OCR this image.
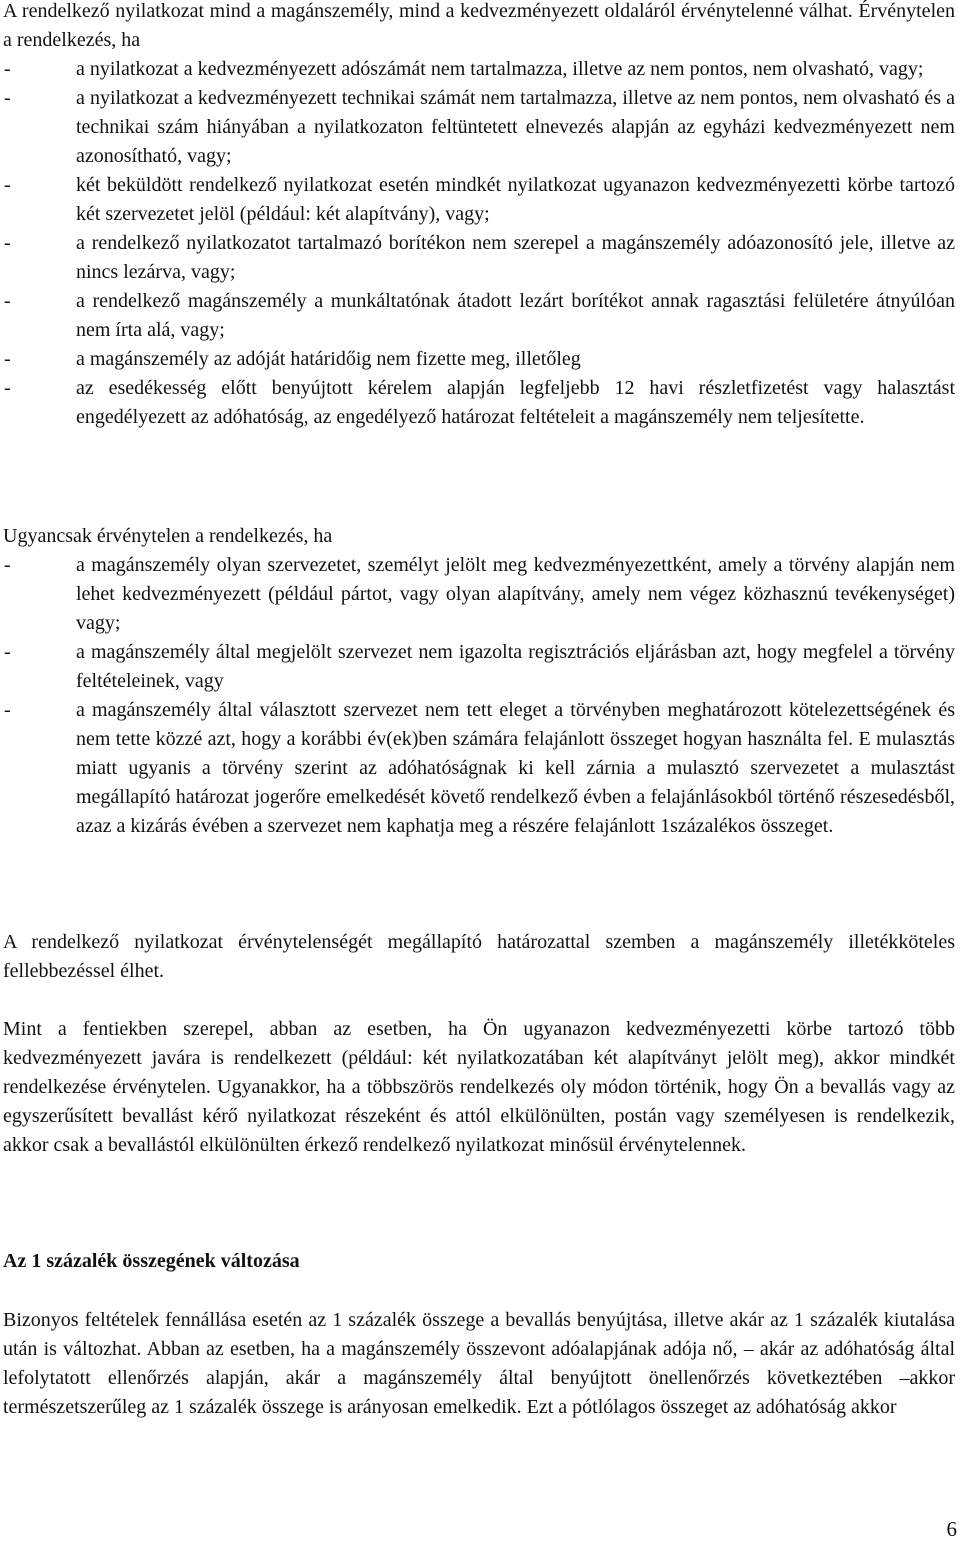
A rendelkező nyilatkozat mind a magánszemély, mind a kedvezményezett oldaláról érvénytelenné válhat. Érvénytelen a rendelkezés, ha

-	a nyilatkozat a kedvezményezett adószámát nem tartalmazza, illetve az nem pontos, nem olvasható, vagy;
-	a nyilatkozat a kedvezményezett technikai számát nem tartalmazza, illetve az nem pontos, nem olvasható és a technikai szám hiányában a nyilatkozaton feltüntetett elnevezés alapján az egyházi kedvezményezett nem azonosítható, vagy;
-	két beküldött rendelkező nyilatkozat esetén mindkét nyilatkozat ugyanazon kedvezményezetti körbe tartozó két szervezetet jelöl (például: két alapítvány), vagy;
-	a rendelkező nyilatkozatot tartalmazó borítékon nem szerepel a magánszemély adóazonosító jele, illetve az nincs lezárva, vagy;
-	a rendelkező magánszemély a munkáltatónak átadott lezárt borítékot annak ragasztási felületére átnyúlóan nem írta alá, vagy;
-	a magánszemély az adóját határidőig nem fizette meg, illetőleg
-	az esedékesség előtt benyújtott kérelem alapján legfeljebb 12 havi részletfizetést vagy halasztást engedélyezett az adóhatóság, az engedélyező határozat feltételeit a magánszemély nem teljesítette.

Ugyancsak érvénytelen a rendelkezés, ha

-	a magánszemély olyan szervezetet, személyt jelölt meg kedvezményezettként, amely a törvény alapján nem lehet kedvezményezett (például pártot, vagy olyan alapítvány, amely nem végez közhasznú tevékenységet) vagy;
-	a magánszemély által megjelölt szervezet nem igazolta regisztrációs eljárásban azt, hogy megfelel a törvény feltételeinek, vagy
-	a magánszemély által választott szervezet nem tett eleget a törvényben meghatározott kötelezettségének és nem tette közzé azt, hogy a korábbi év(ek)ben számára felajánlott összeget hogyan használta fel. E mulasztás miatt ugyanis a törvény szerint az adóhatóságnak ki kell zárnia a mulasztó szervezetet a mulasztást megállapító határozat jogerőre emelkedését követő rendelkező évben a felajánlásokból történő részesedésből, azaz a kizárás évében a szervezet nem kaphatja meg a részére felajánlott 1százalékos összeget.

A rendelkező nyilatkozat érvénytelenségét megállapító határozattal szemben a magánszemély illetékköteles fellebbezéssel élhet.

Mint a fentiekben szerepel, abban az esetben, ha Ön ugyanazon kedvezményezetti körbe tartozó több kedvezményezett javára is rendelkezett (például: két nyilatkozatában két alapítványt jelölt meg), akkor mindkét rendelkezése érvénytelen. Ugyanakkor, ha a többszörös rendelkezés oly módon történik, hogy Ön a bevallás vagy az egyszerűsített bevallást kérő nyilatkozat részeként és attól elkülönülten, postán vagy személyesen is rendelkezik, akkor csak a bevallástól elkülönülten érkező rendelkező nyilatkozat minősül érvénytelennek.

Az 1 százalék összegének változása

Bizonyos feltételek fennállása esetén az 1 százalék összege a bevallás benyújtása, illetve akár az 1 százalék kiutalása után is változhat. Abban az esetben, ha a magánszemély összevont adóalapjának adója nő, – akár az adóhatóság által lefolytatott ellenőrzés alapján, akár a magánszemély által benyújtott önellenőrzés következtében –akkor természetszerűleg az 1 százalék összege is arányosan emelkedik. Ezt a pótlólagos összeget az adóhatóság akkor

6
